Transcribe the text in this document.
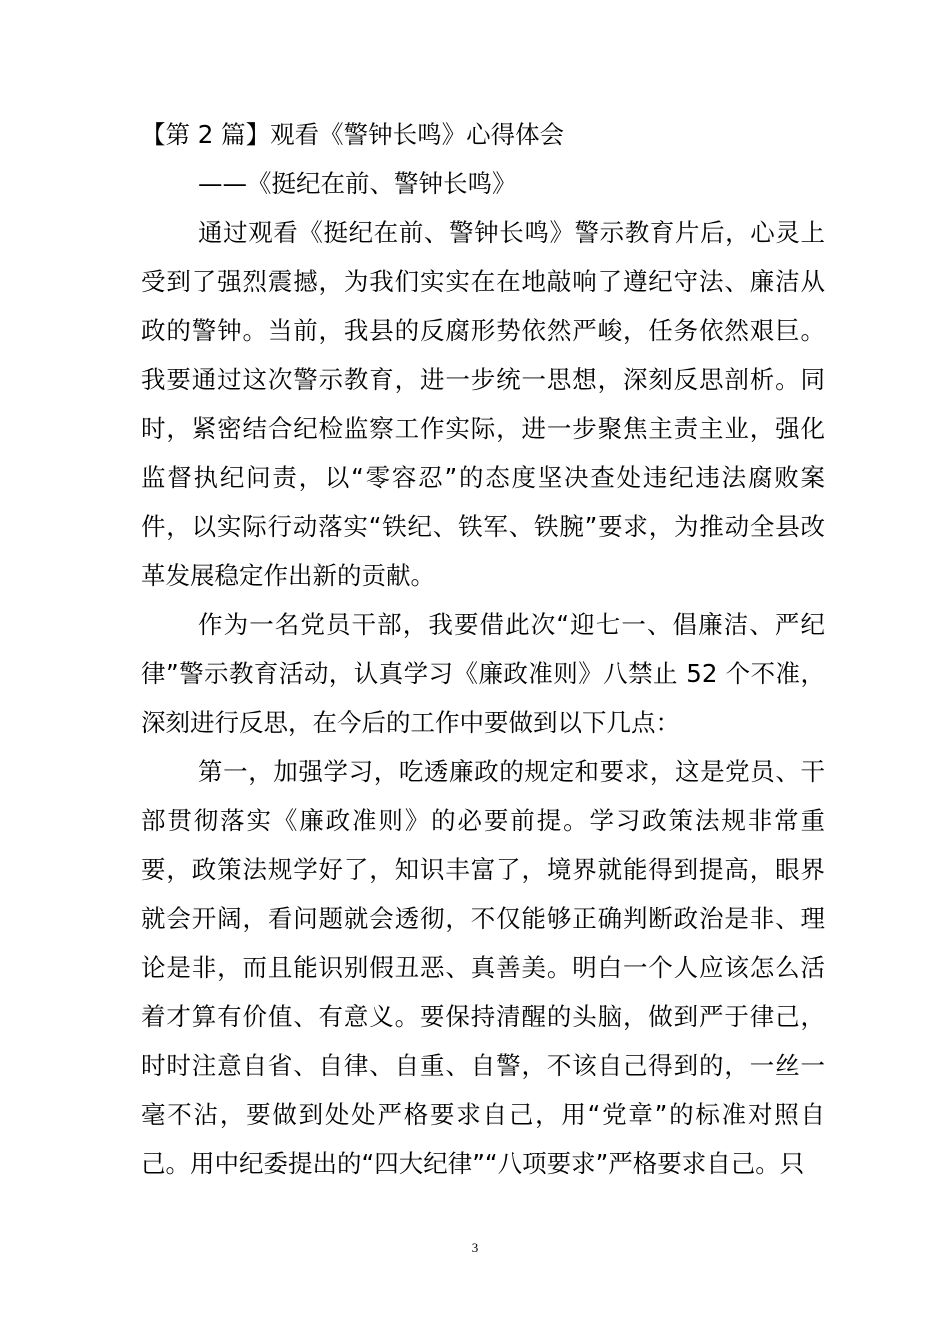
【第 2 篇】观看《警钟长鸣》心得体会
——《挺纪在前、警钟长鸣》

通过观看《挺纪在前、警钟长鸣》警示教育片后，心灵上受到了强烈震撼，为我们实实在在地敲响了遵纪守法、廉洁从政的警钟。当前，我县的反腐形势依然严峻，任务依然艰巨。我要通过这次警示教育，进一步统一思想，深刻反思剖析。同时，紧密结合纪检监察工作实际，进一步聚焦主责主业，强化监督执纪问责，以“零容忍”的态度坚决查处违纪违法腐败案件，以实际行动落实“铁纪、铁军、铁腕”要求，为推动全县改革发展稳定作出新的贡献。

作为一名党员干部，我要借此次“迎七一、倡廉洁、严纪律”警示教育活动，认真学习《廉政准则》八禁止 52 个不准，深刻进行反思，在今后的工作中要做到以下几点：

第一，加强学习，吃透廉政的规定和要求，这是党员、干部贯彻落实《廉政准则》的必要前提。学习政策法规非常重要，政策法规学好了，知识丰富了，境界就能得到提高，眼界就会开阔，看问题就会透彻，不仅能够正确判断政治是非、理论是非，而且能识别假丑恶、真善美。明白一个人应该怎么活着才算有价值、有意义。要保持清醒的头脑，做到严于律己，时时注意自省、自律、自重、自警，不该自己得到的，一丝一毫不沾，要做到处处严格要求自己，用“党章”的标准对照自己。用中纪委提出的“四大纪律”“八项要求”严格要求自己。只

3
